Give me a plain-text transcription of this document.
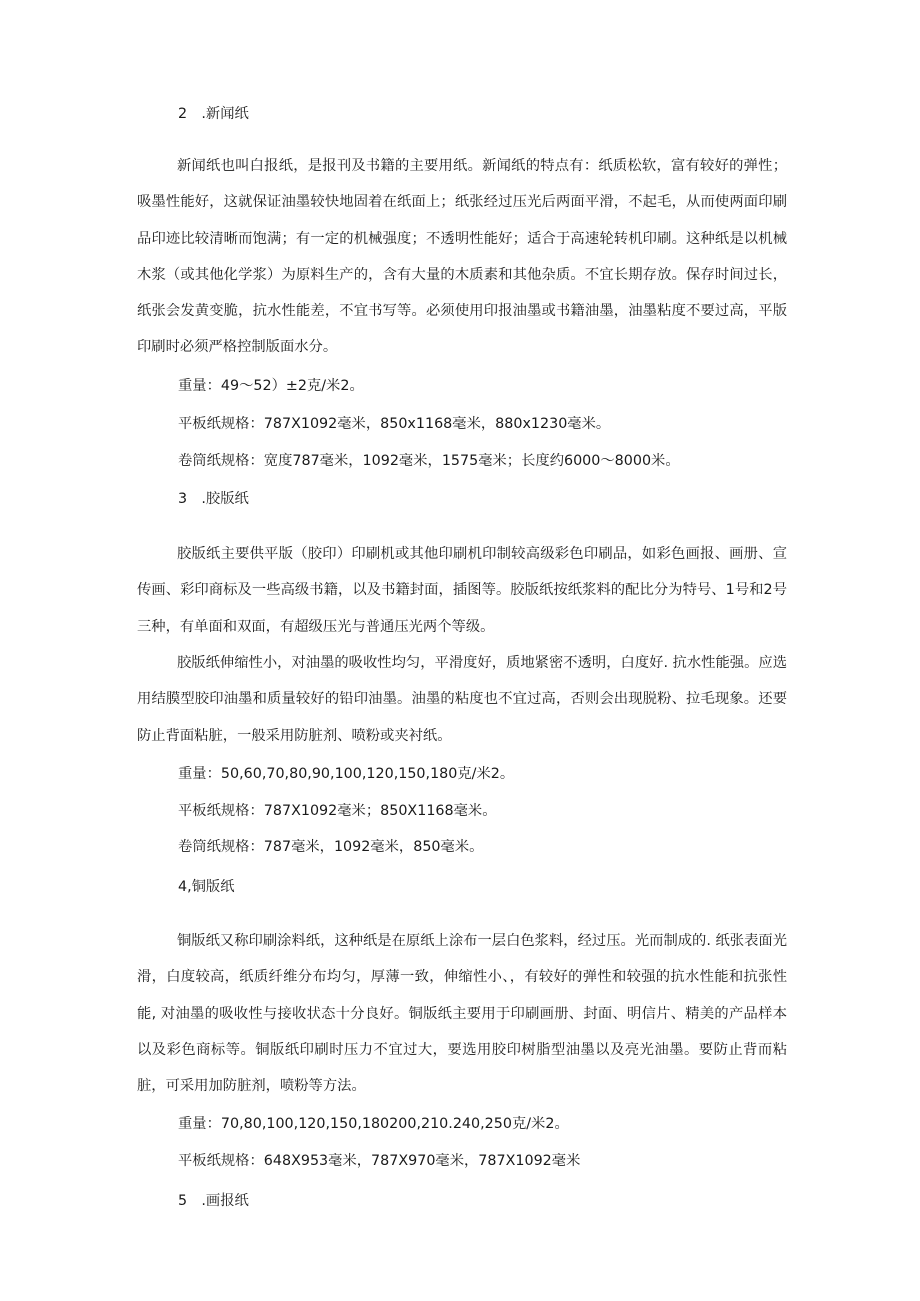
2　.新闻纸
新闻纸也叫白报纸，是报刊及书籍的主要用纸。新闻纸的特点有：纸质松软，富有较好的弹性；吸墨性能好，这就保证油墨较快地固着在纸面上；纸张经过压光后两面平滑，不起毛，从而使两面印刷品印迹比较清晰而饱满；有一定的机械强度；不透明性能好；适合于高速轮转机印刷。这种纸是以机械木浆（或其他化学浆）为原料生产的，含有大量的木质素和其他杂质。不宜长期存放。保存时间过长，纸张会发黄变脆，抗水性能差，不宜书写等。必须使用印报油墨或书籍油墨，油墨粘度不要过高，平版印刷时必须严格控制版面水分。
重量：49～52）±2克/米2。
平板纸规格：787X1092毫米，850x1168毫米，880x1230毫米。
卷筒纸规格：宽度787毫米，1092毫米，1575毫米；长度约6000～8000米。
3　.胶版纸
胶版纸主要供平版（胶印）印刷机或其他印刷机印制较高级彩色印刷品，如彩色画报、画册、宣传画、彩印商标及一些高级书籍，以及书籍封面，插图等。胶版纸按纸浆料的配比分为特号、1号和2号三种，有单面和双面，有超级压光与普通压光两个等级。
胶版纸伸缩性小，对油墨的吸收性均匀，平滑度好，质地紧密不透明，白度好. 抗水性能强。应选用结膜型胶印油墨和质量较好的铅印油墨。油墨的粘度也不宜过高，否则会出现脱粉、拉毛现象。还要防止背面粘脏，一般采用防脏剂、喷粉或夹衬纸。
重量：50,60,70,80,90,100,120,150,180克/米2。
平板纸规格：787X1092毫米；850X1168毫米。
卷筒纸规格：787毫米，1092毫米，850毫米。
4,铜版纸
铜版纸又称印刷涂料纸，这种纸是在原纸上涂布一层白色浆料，经过压。光而制成的. 纸张表面光滑，白度较高，纸质纤维分布均匀，厚薄一致，伸缩性小、，有较好的弹性和较强的抗水性能和抗张性能, 对油墨的吸收性与接收状态十分良好。铜版纸主要用于印刷画册、封面、明信片、精美的产品样本以及彩色商标等。铜版纸印刷时压力不宜过大，要选用胶印树脂型油墨以及亮光油墨。要防止背而粘脏，可采用加防脏剂，喷粉等方法。
重量：70,80,100,120,150,180200,210.240,250克/米2。
平板纸规格：648X953毫米，787X970毫米，787X1092毫米
5　.画报纸
